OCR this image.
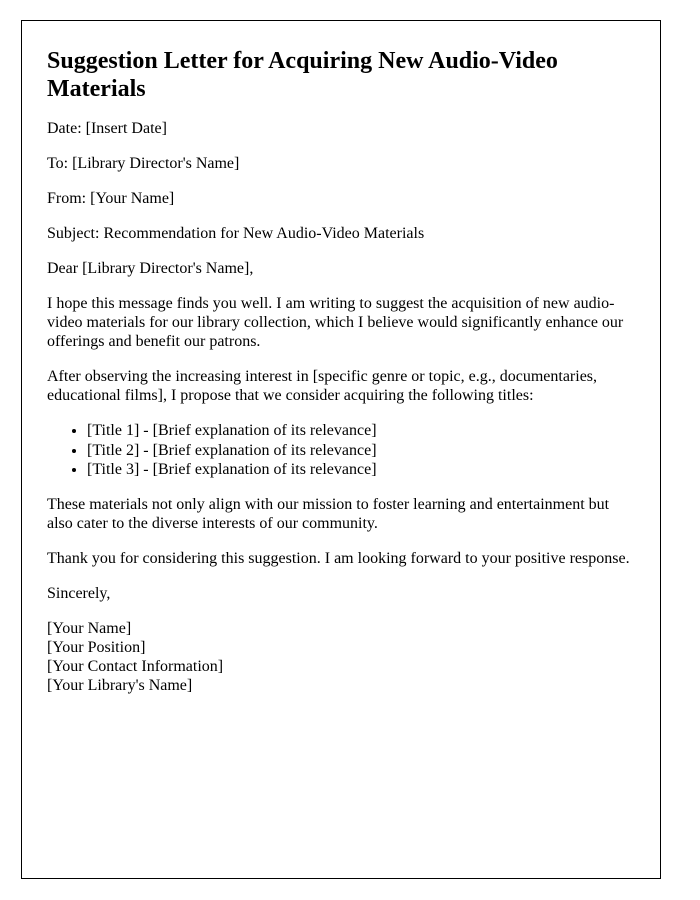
Suggestion Letter for Acquiring New Audio-Video Materials

Date: [Insert Date]

To: [Library Director's Name]

From: [Your Name]

Subject: Recommendation for New Audio-Video Materials

Dear [Library Director's Name],

I hope this message finds you well. I am writing to suggest the acquisition of new audio-video materials for our library collection, which I believe would significantly enhance our offerings and benefit our patrons.

After observing the increasing interest in [specific genre or topic, e.g., documentaries, educational films], I propose that we consider acquiring the following titles:

• [Title 1] - [Brief explanation of its relevance]
• [Title 2] - [Brief explanation of its relevance]
• [Title 3] - [Brief explanation of its relevance]

These materials not only align with our mission to foster learning and entertainment but also cater to the diverse interests of our community.

Thank you for considering this suggestion. I am looking forward to your positive response.

Sincerely,

[Your Name]
[Your Position]
[Your Contact Information]
[Your Library's Name]
